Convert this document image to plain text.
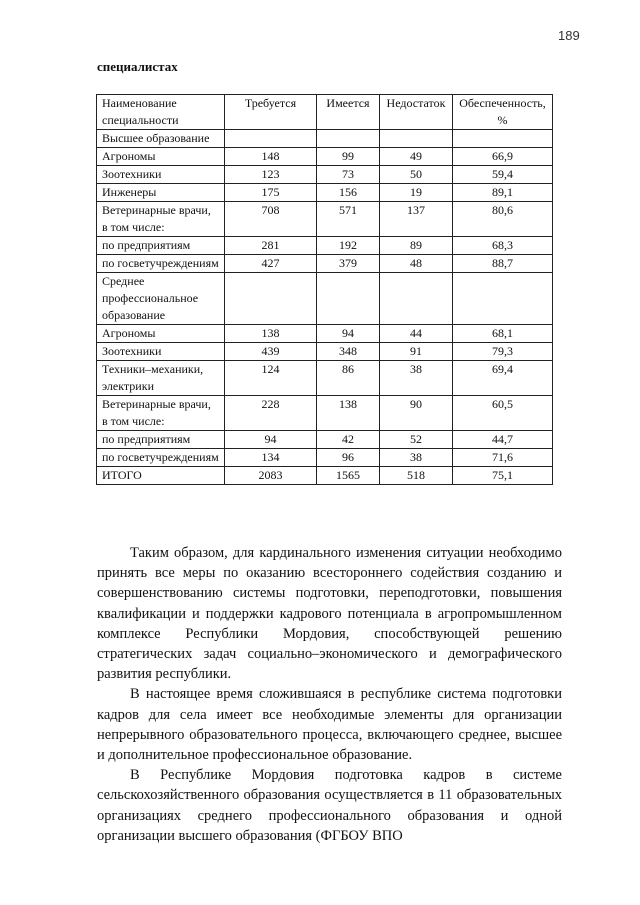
189
специалистах
Наименование специальности	Требуется	Имеется	Недостаток	Обеспеченность, %
Высшее образование				
Агрономы	148	99	49	66,9
Зоотехники	123	73	50	59,4
Инженеры	175	156	19	89,1
Ветеринарные врачи, в том числе:	708	571	137	80,6
по предприятиям	281	192	89	68,3
по госветучреждениям	427	379	48	88,7
Среднее профессиональное образование				
Агрономы	138	94	44	68,1
Зоотехники	439	348	91	79,3
Техники–механики, электрики	124	86	38	69,4
Ветеринарные врачи, в том числе:	228	138	90	60,5
по предприятиям	94	42	52	44,7
по госветучреждениям	134	96	38	71,6
ИТОГО	2083	1565	518	75,1

Таким образом, для кардинального изменения ситуации необходимо принять все меры по оказанию всестороннего содействия созданию и совершенствованию системы подготовки, переподготовки, повышения квалификации и поддержки кадрового потенциала в агропромышленном комплексе Республики Мордовия, способствующей решению стратегических задач социально–экономического и демографического развития республики.

В настоящее время сложившаяся в республике система подготовки кадров для села имеет все необходимые элементы для организации непрерывного образовательного процесса, включающего среднее, высшее и дополнительное профессиональное образование.

В Республике Мордовия подготовка кадров в системе сельскохозяйственного образования осуществляется в 11 образовательных организациях среднего профессионального образования и одной организации высшего образования (ФГБОУ ВПО
